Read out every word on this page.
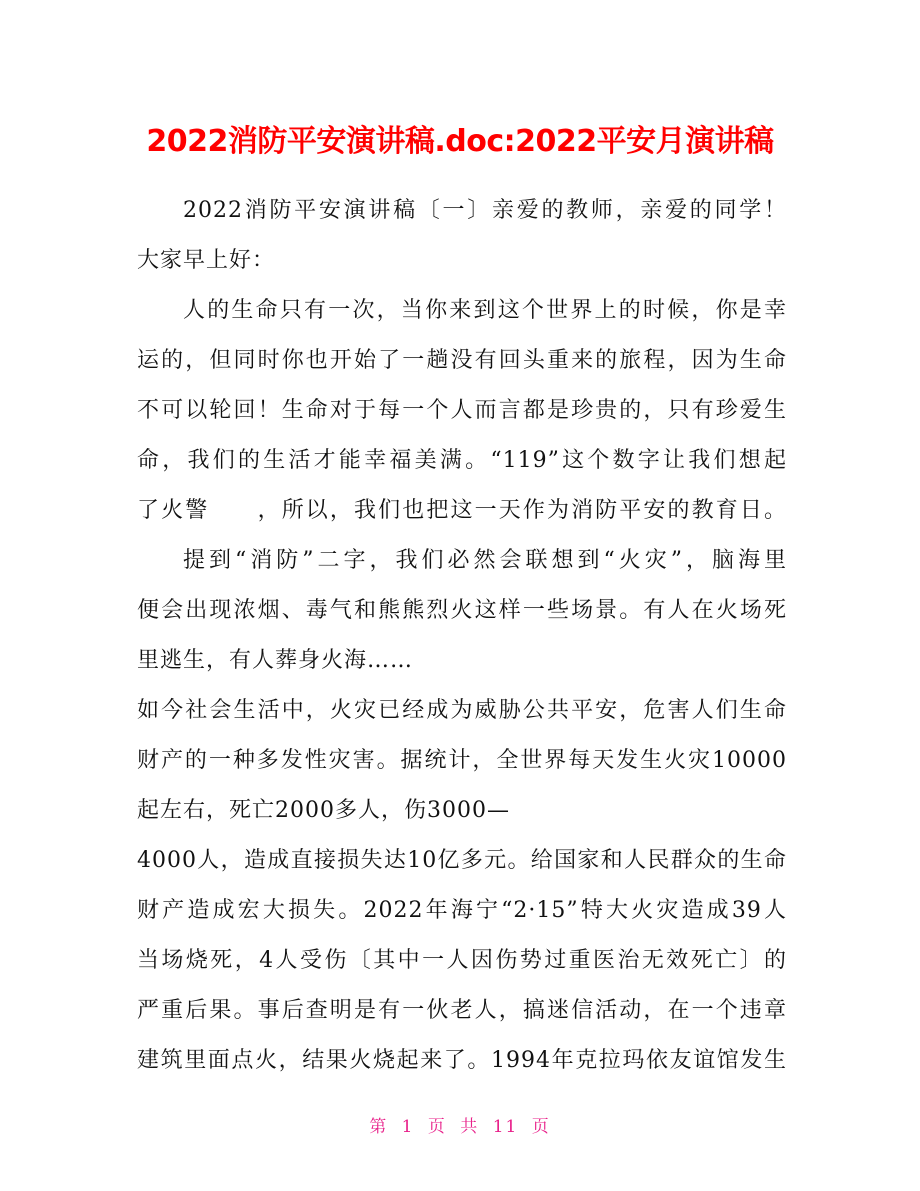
2022消防平安演讲稿.doc:2022平安月演讲稿
2022消防平安演讲稿〔一〕亲爱的教师，亲爱的同学！
大家早上好：
人的生命只有一次，当你来到这个世界上的时候，你是幸
运的，但同时你也开始了一趟没有回头重来的旅程，因为生命
不可以轮回！生命对于每一个人而言都是珍贵的，只有珍爱生
命，我们的生活才能幸福美满。“119”这个数字让我们想起
了火警　　，所以，我们也把这一天作为消防平安的教育日。
提到“消防”二字，我们必然会联想到“火灾”，脑海里
便会出现浓烟、毒气和熊熊烈火这样一些场景。有人在火场死
里逃生，有人葬身火海……
如今社会生活中，火灾已经成为威胁公共平安，危害人们生命
财产的一种多发性灾害。据统计，全世界每天发生火灾10000
起左右，死亡2000多人，伤3000—
4000人，造成直接损失达10亿多元。给国家和人民群众的生命
财产造成宏大损失。2022年海宁“2·15”特大火灾造成39人
当场烧死，4人受伤〔其中一人因伤势过重医治无效死亡〕的
严重后果。事后查明是有一伙老人，搞迷信活动，在一个违章
建筑里面点火，结果火烧起来了。1994年克拉玛依友谊馆发生
第 1 页 共 11 页
